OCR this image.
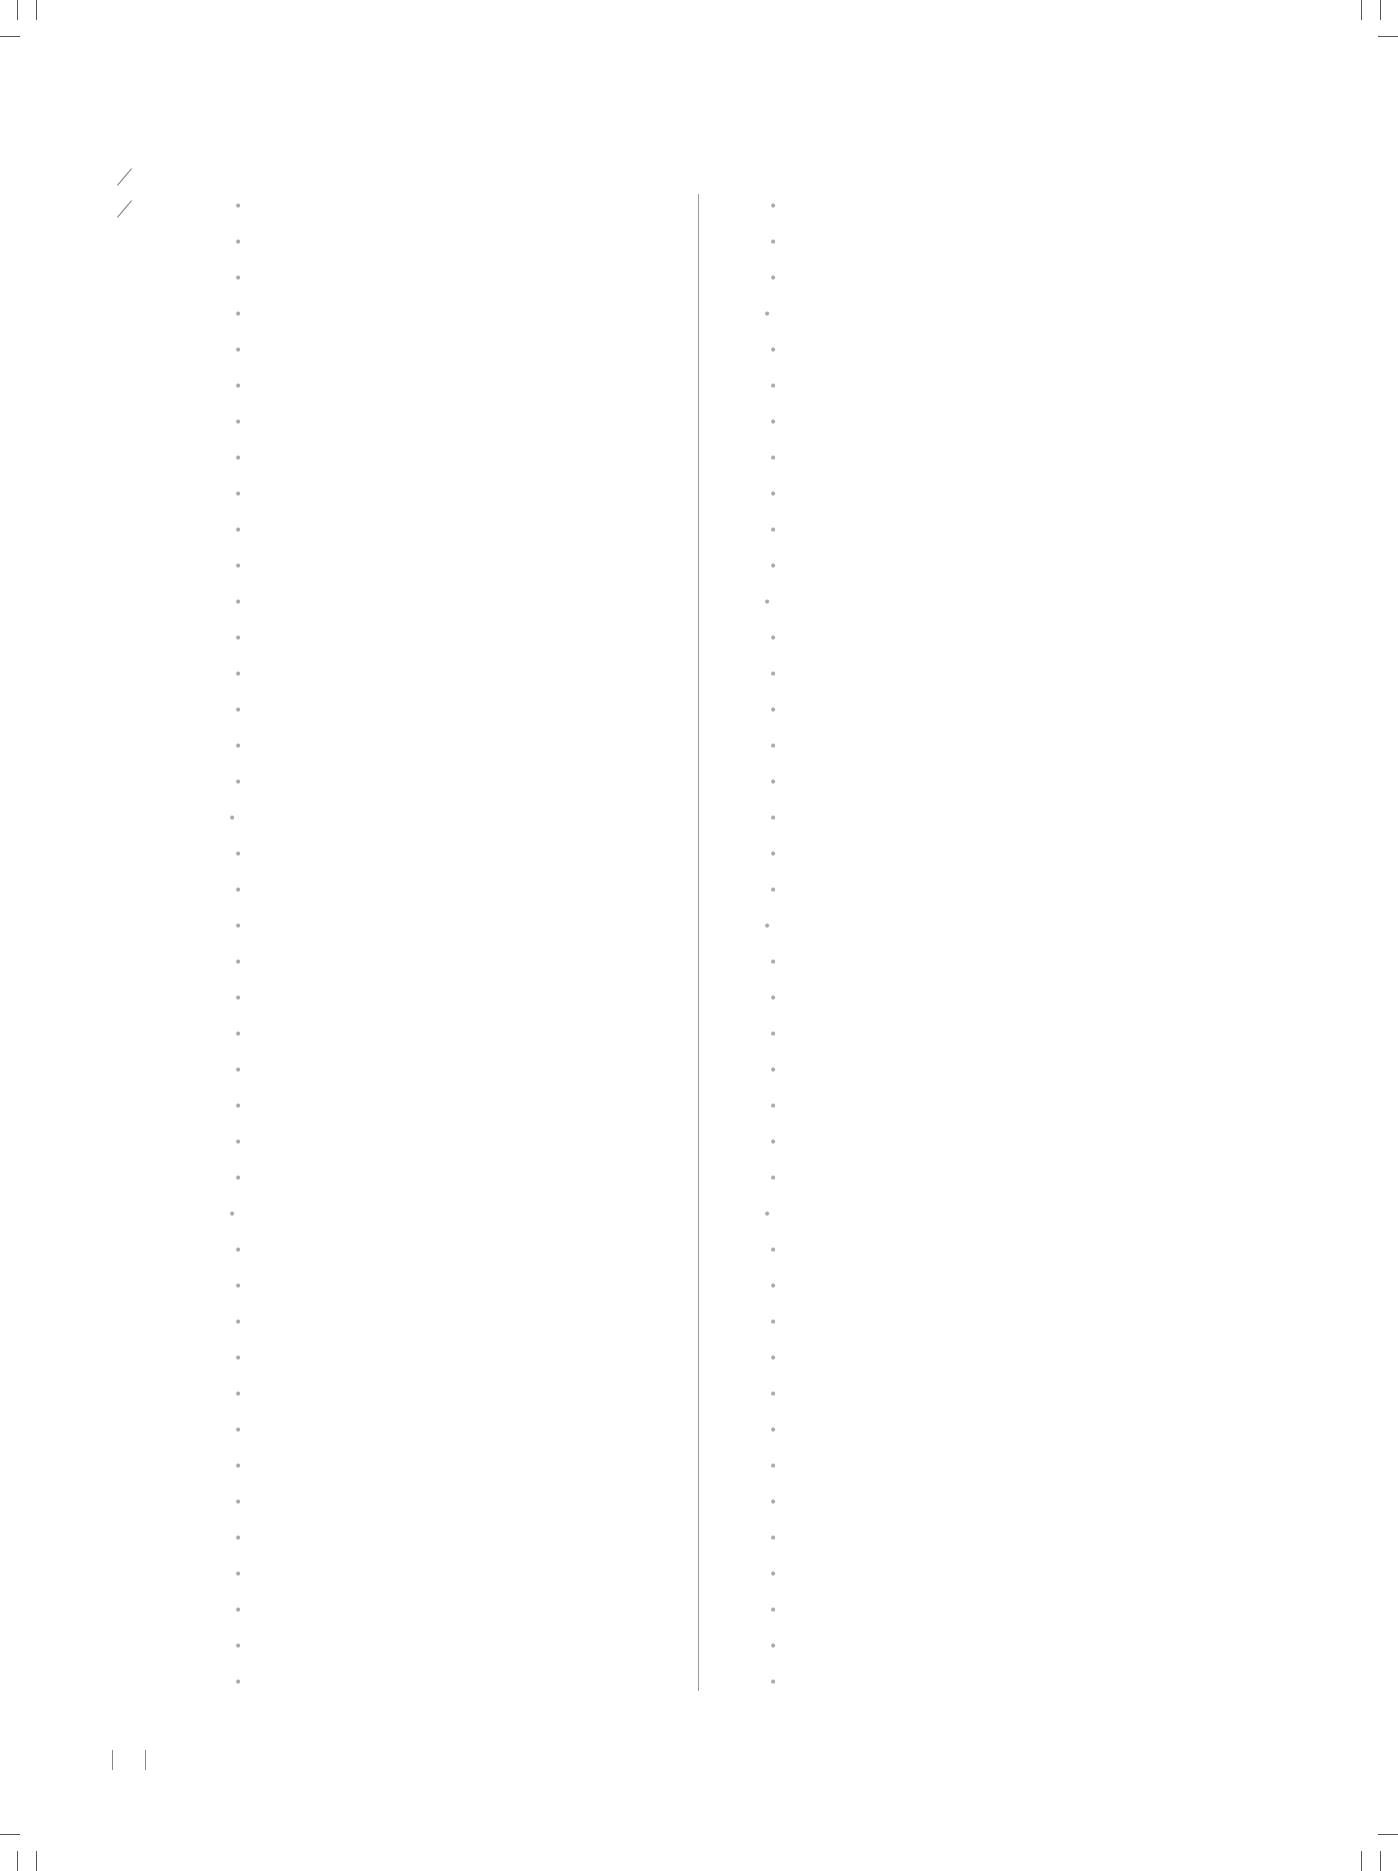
•
•
•
•
•
•
•
•
•
•
•
•
•
•
•
•
•
•
•
•
•
•
•
•
•
•
•
•
•
•
•
•
•
•
•
•
•
•
•
•
•
•
•
•
•
•
•
•
•
•
•
•
•
•
•
•
•
•
•
•
•
•
•
•
•
•
•
•
•
•
•
•
•
•
•
•
•
•
•
•
•
•
•
•
